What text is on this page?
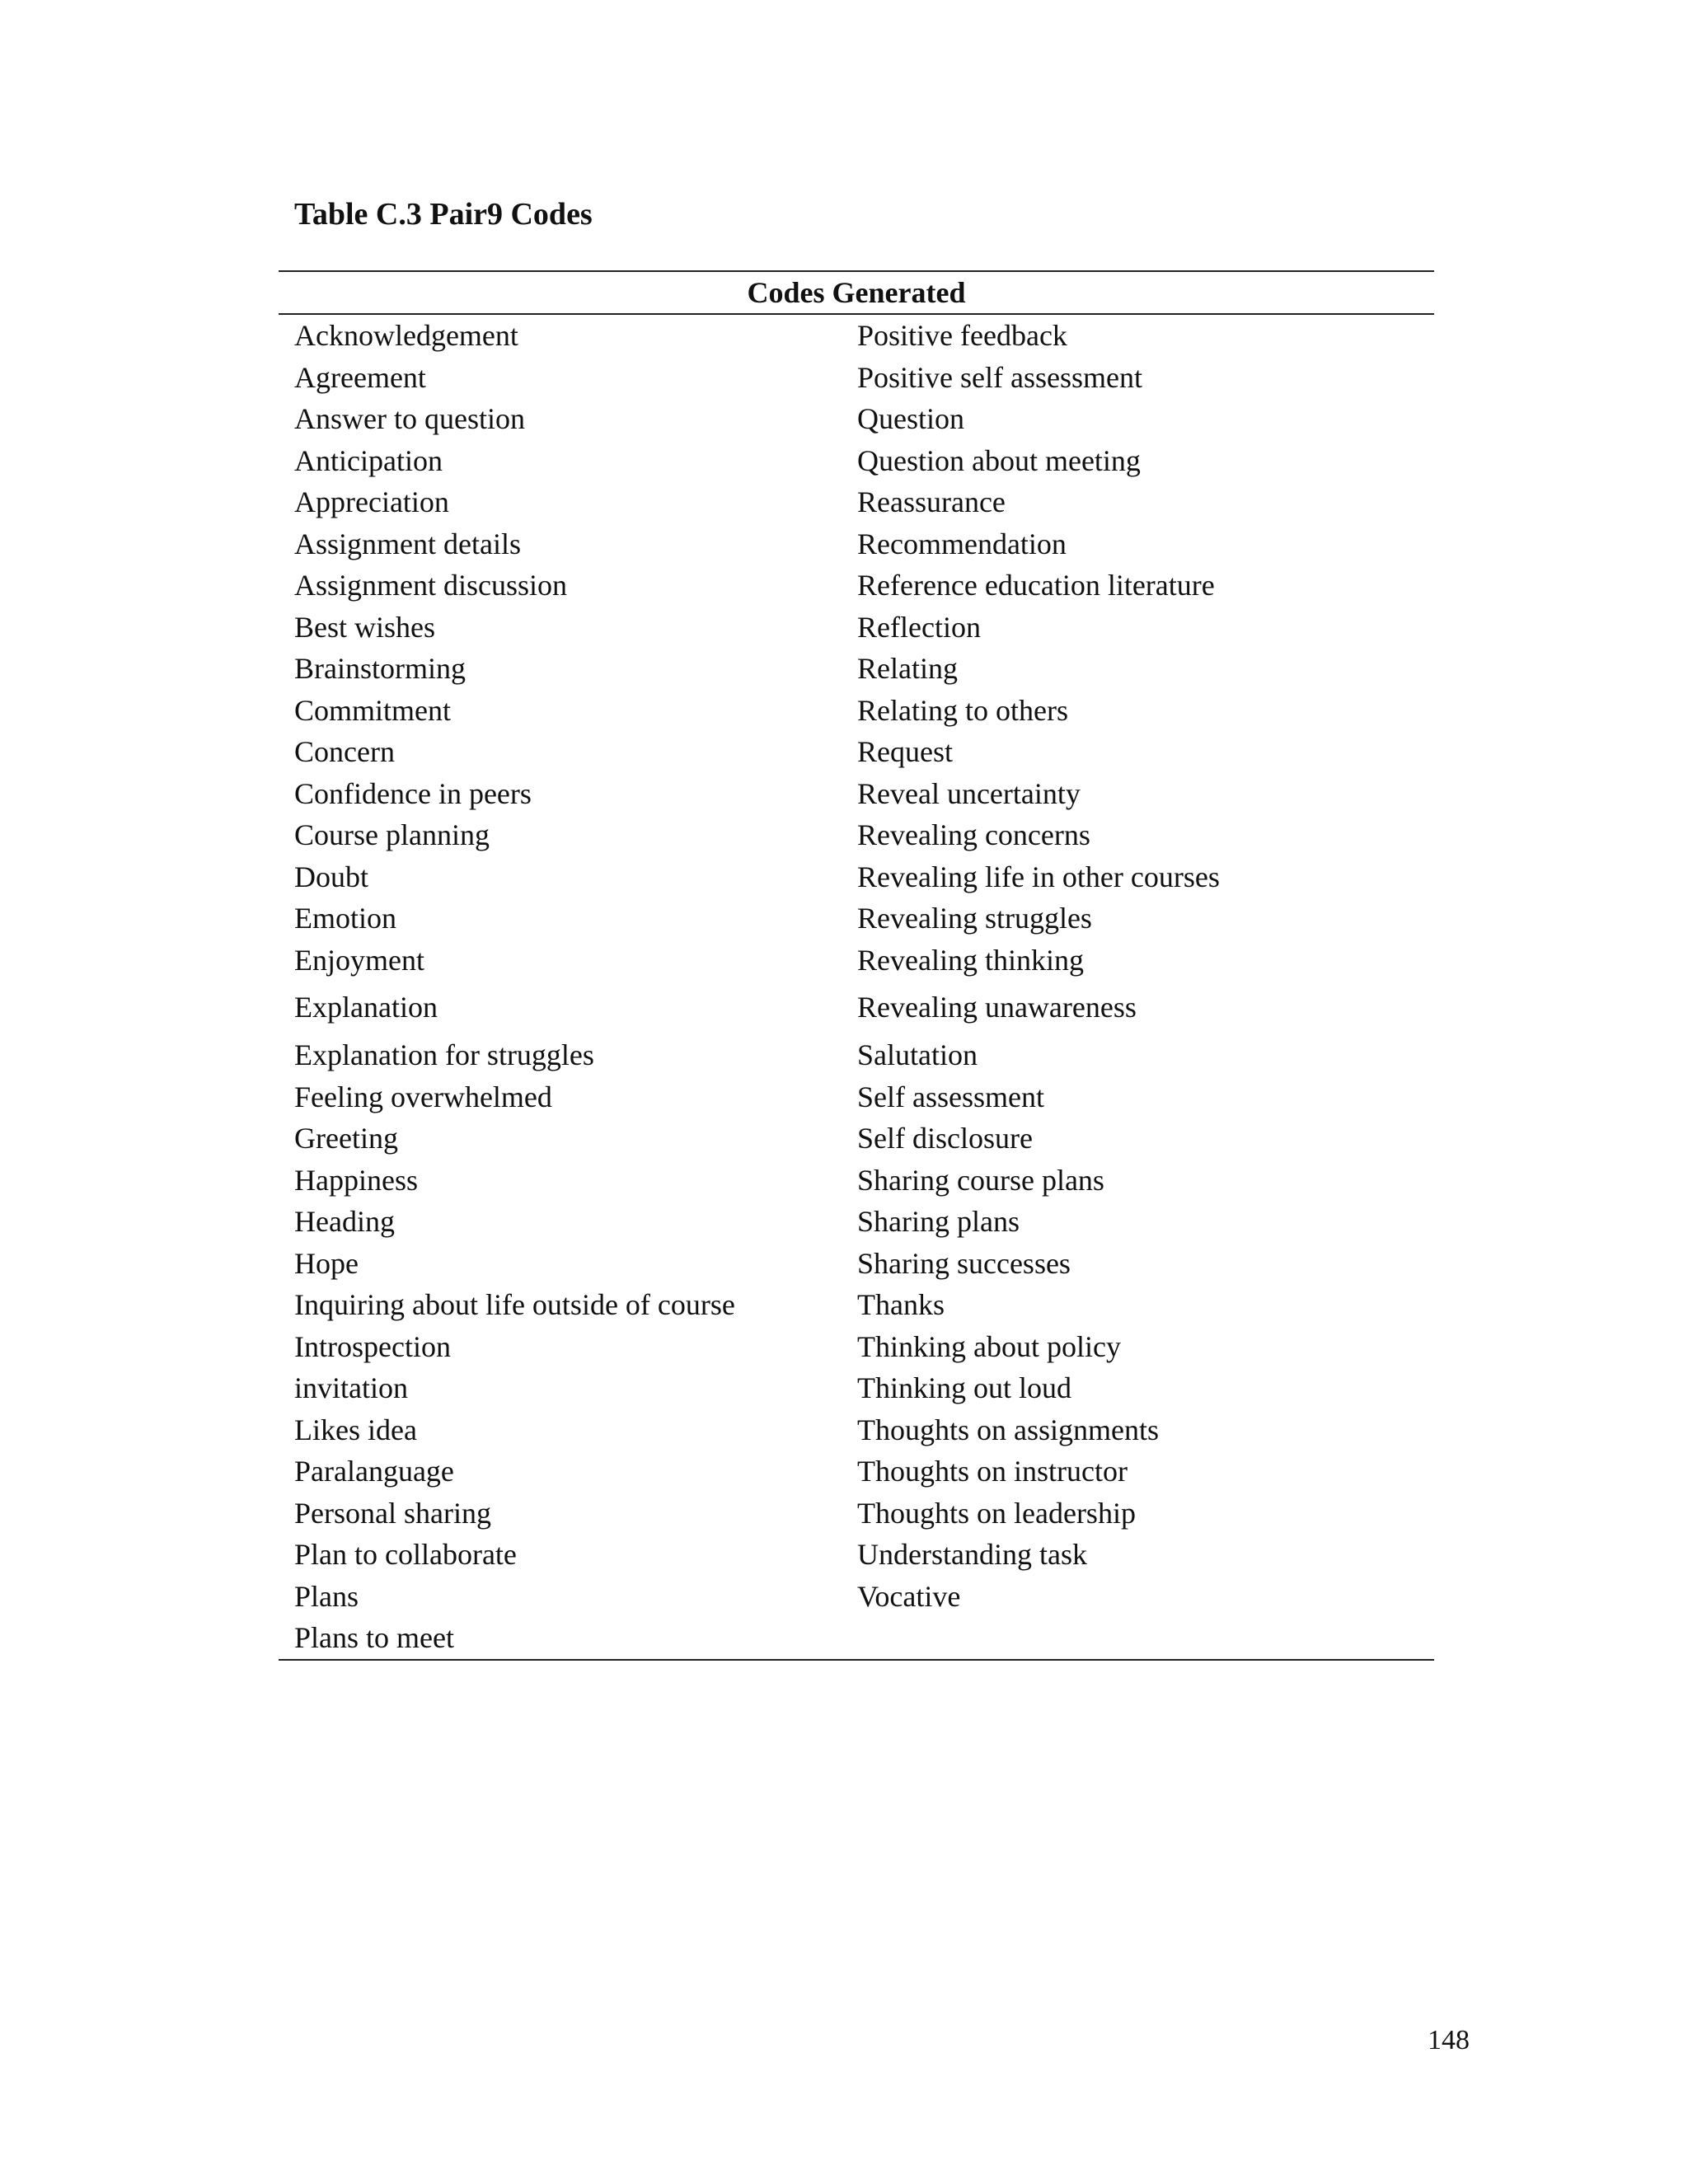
Table C.3 Pair9 Codes
Codes Generated
Acknowledgement	Positive feedback
Agreement	Positive self assessment
Answer to question	Question
Anticipation	Question about meeting
Appreciation	Reassurance
Assignment details	Recommendation
Assignment discussion	Reference education literature
Best wishes	Reflection
Brainstorming	Relating
Commitment	Relating to others
Concern	Request
Confidence in peers	Reveal uncertainty
Course planning	Revealing concerns
Doubt	Revealing life in other courses
Emotion	Revealing struggles
Enjoyment	Revealing thinking
Explanation	Revealing unawareness
Explanation for struggles	Salutation
Feeling overwhelmed	Self assessment
Greeting	Self disclosure
Happiness	Sharing course plans
Heading	Sharing plans
Hope	Sharing successes
Inquiring about life outside of course	Thanks
Introspection	Thinking about policy
invitation	Thinking out loud
Likes idea	Thoughts on assignments
Paralanguage	Thoughts on instructor
Personal sharing	Thoughts on leadership
Plan to collaborate	Understanding task
Plans	Vocative
Plans to meet
148
